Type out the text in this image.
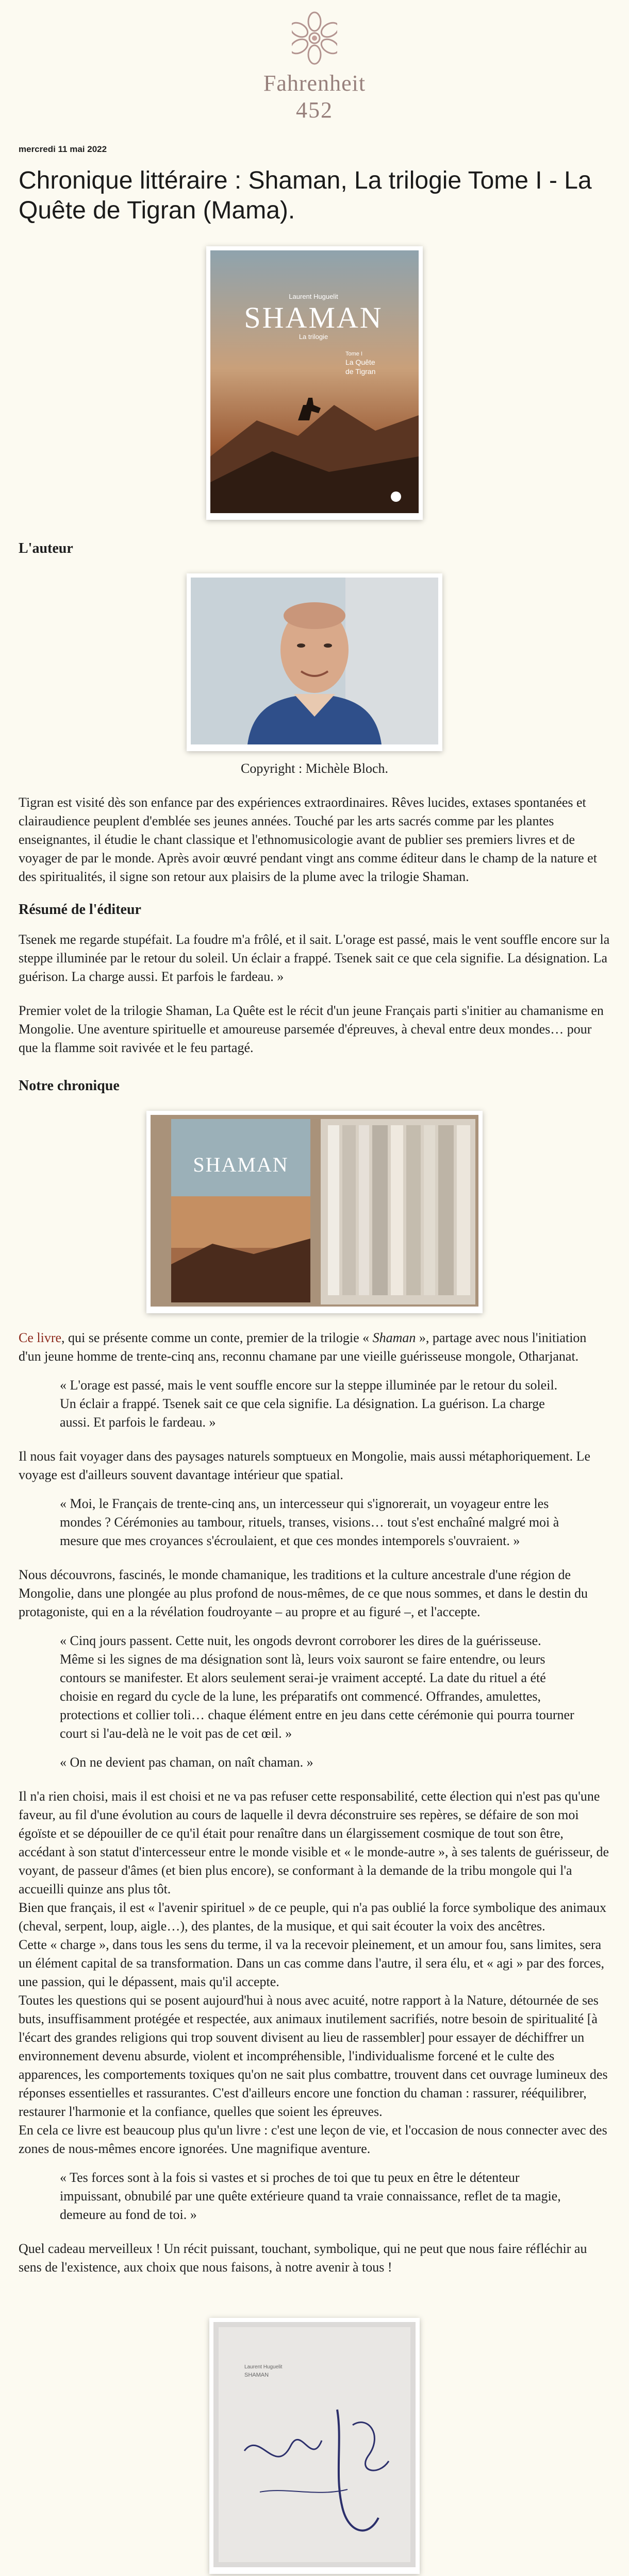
Fahrenheit
452
mercredi 11 mai 2022
Chronique littéraire : Shaman, La trilogie Tome I - La Quête de Tigran (Mama).
SHAMAN
Laurent Huguelit
La trilogie
Tome I
La Quête
de Tigran
L'auteur
Copyright : Michèle Bloch.

Tigran est visité dès son enfance par des expériences extraordinaires. Rêves lucides, extases spontanées et clairaudience peuplent d'emblée ses jeunes années. Touché par les arts sacrés comme par les plantes enseignantes, il étudie le chant classique et l'ethnomusicologie avant de publier ses premiers livres et de voyager de par le monde. Après avoir œuvré pendant vingt ans comme éditeur dans le champ de la nature et des spiritualités, il signe son retour aux plaisirs de la plume avec la trilogie Shaman.

Résumé de l'éditeur

Tsenek me regarde stupéfait. La foudre m'a frôlé, et il sait. L'orage est passé, mais le vent souffle encore sur la steppe illuminée par le retour du soleil. Un éclair a frappé. Tsenek sait ce que cela signifie. La désignation. La guérison. La charge aussi. Et parfois le fardeau. »

Premier volet de la trilogie Shaman, La Quête est le récit d'un jeune Français parti s'initier au chamanisme en Mongolie. Une aventure spirituelle et amoureuse parsemée d'épreuves, à cheval entre deux mondes… pour que la flamme soit ravivée et le feu partagé.

Notre chronique
SHAMAN

Ce livre, qui se présente comme un conte, premier de la trilogie « Shaman », partage avec nous l'initiation d'un jeune homme de trente-cinq ans, reconnu chamane par une vieille guérisseuse mongole, Otharjanat.

« L'orage est passé, mais le vent souffle encore sur la steppe illuminée par le retour du soleil. Un éclair a frappé. Tsenek sait ce que cela signifie. La désignation. La guérison. La charge aussi. Et parfois le fardeau. »

Il nous fait voyager dans des paysages naturels somptueux en Mongolie, mais aussi métaphoriquement. Le voyage est d'ailleurs souvent davantage intérieur que spatial.

« Moi, le Français de trente-cinq ans, un intercesseur qui s'ignorerait, un voyageur entre les mondes ? Cérémonies au tambour, rituels, transes, visions… tout s'est enchaîné malgré moi à mesure que mes croyances s'écroulaient, et que ces mondes intemporels s'ouvraient. »

Nous découvrons, fascinés, le monde chamanique, les traditions et la culture ancestrale d'une région de Mongolie, dans une plongée au plus profond de nous-mêmes, de ce que nous sommes, et dans le destin du protagoniste, qui en a la révélation foudroyante – au propre et au figuré –, et l'accepte.

« Cinq jours passent. Cette nuit, les ongods devront corroborer les dires de la guérisseuse. Même si les signes de ma désignation sont là, leurs voix sauront se faire entendre, ou leurs contours se manifester. Et alors seulement serai-je vraiment accepté. La date du rituel a été choisie en regard du cycle de la lune, les préparatifs ont commencé. Offrandes, amulettes, protections et collier toli… chaque élément entre en jeu dans cette cérémonie qui pourra tourner court si l'au-delà ne le voit pas de cet œil. »
« On ne devient pas chaman, on naît chaman. »

Il n'a rien choisi, mais il est choisi et ne va pas refuser cette responsabilité, cette élection qui n'est pas qu'une faveur, au fil d'une évolution au cours de laquelle il devra déconstruire ses repères, se défaire de son moi égoïste et se dépouiller de ce qu'il était pour renaître dans un élargissement cosmique de tout son être, accédant à son statut d'intercesseur entre le monde visible et « le monde-autre », à ses talents de guérisseur, de voyant, de passeur d'âmes (et bien plus encore), se conformant à la demande de la tribu mongole qui l'a accueilli quinze ans plus tôt.

Bien que français, il est « l'avenir spirituel » de ce peuple, qui n'a pas oublié la force symbolique des animaux (cheval, serpent, loup, aigle…), des plantes, de la musique, et qui sait écouter la voix des ancêtres.

Cette « charge », dans tous les sens du terme, il va la recevoir pleinement, et un amour fou, sans limites, sera un élément capital de sa transformation. Dans un cas comme dans l'autre, il sera élu, et « agi » par des forces, une passion, qui le dépassent, mais qu'il accepte.

Toutes les questions qui se posent aujourd'hui à nous avec acuité, notre rapport à la Nature, détournée de ses buts, insuffisamment protégée et respectée, aux animaux inutilement sacrifiés, notre besoin de spiritualité [à l'écart des grandes religions qui trop souvent divisent au lieu de rassembler] pour essayer de déchiffrer un environnement devenu absurde, violent et incompréhensible, l'individualisme forcené et le culte des apparences, les comportements toxiques qu'on ne sait plus combattre, trouvent dans cet ouvrage lumineux des réponses essentielles et rassurantes. C'est d'ailleurs encore une fonction du chaman : rassurer, rééquilibrer, restaurer l'harmonie et la confiance, quelles que soient les épreuves.

En cela ce livre est beaucoup plus qu'un livre : c'est une leçon de vie, et l'occasion de nous connecter avec des zones de nous-mêmes encore ignorées. Une magnifique aventure.

« Tes forces sont à la fois si vastes et si proches de toi que tu peux en être le détenteur impuissant, obnubilé par une quête extérieure quand ta vraie connaissance, reflet de ta magie, demeure au fond de toi. »

Quel cadeau merveilleux ! Un récit puissant, touchant, symbolique, qui ne peut que nous faire réfléchir au sens de l'existence, aux choix que nous faisons, à notre avenir à tous !

Laurent Huguelit
SHAMAN
